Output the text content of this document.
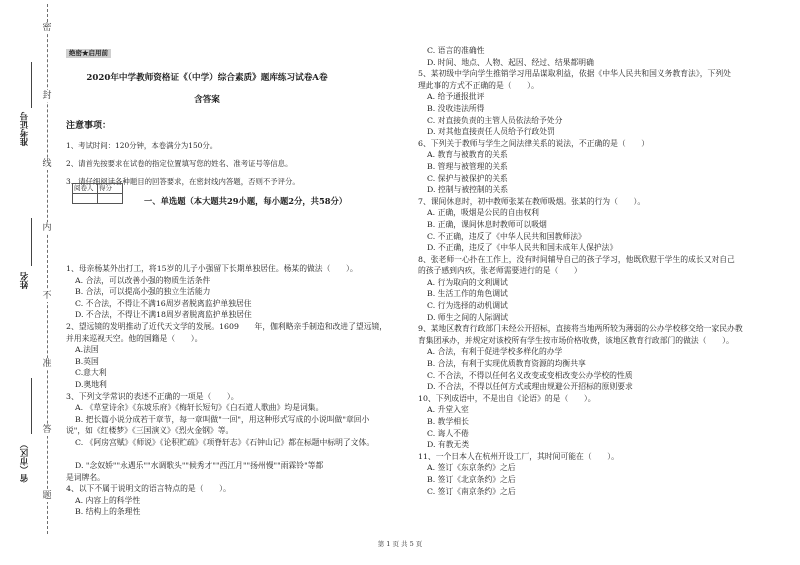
准考证号
姓名
省（市区）
密
封
线
内
不
准
答
题
绝密★启用前
2020年中学教师资格证《（中学）综合素质》题库练习试卷A卷
含答案
注意事项：
1、考试时间：120分钟，本卷满分为150分。
2、请首先按要求在试卷的指定位置填写您的姓名、准考证号等信息。
3、请仔细阅读各种题目的回答要求，在密封线内答题，否则不予评分。
阅卷人	得分

一、单选题（本大题共29小题，每小题2分，共58分）
1、母亲杨某外出打工，将15岁的儿子小强留下长期单独居住。杨某的做法（　　）。
A. 合法，可以改善小强的物质生活条件
B. 合法，可以提高小强的独立生活能力
C. 不合法，不得让不满16周岁者脱离监护单独居住
D. 不合法，不得让不满18周岁者脱离监护单独居住
2、望远镜的发明推动了近代天文学的发展。1609　　年，伽利略亲手制造和改进了望远镜，
并用来巡视天空。他的国籍是（　　）。
A.法国
B.英国
C.意大利
D.奥地利
3、下列文学常识的表述不正确的一项是（　　）。
A. 《草堂诗余》《东坡乐府》《梅轩长短句》《白石道人歌曲》均是词集。
B. 把长篇小说分成若干章节，每一章叫做"一回"，用这种形式写成的小说叫做"章回小
说"，如《红楼梦》《三国演义》《烈火金钢》等。
C. 《阿房宫赋》《师说》《论积贮疏》《项脊轩志》《石钟山记》都在标题中标明了文体。
D. "念奴娇""永遇乐""水调歌头""候秀才""西江月""扬州慢""雨霖铃"等都
是词牌名。
4、以下不属于说明文的语言特点的是（　　）。
A. 内容上的科学性
B. 结构上的条理性
C. 语言的准确性
D. 时间、地点、人物、起因、经过、结果都明确
5、某初级中学向学生推销学习用品谋取利益，依据《中华人民共和国义务教育法》，下列处
理此事的方式不正确的是（　　）。
A. 给予通报批评
B. 没收违法所得
C. 对直接负责的主管人员依法给予处分
D. 对其他直接责任人员给予行政处罚
6、下列关于教师与学生之间法律关系的说法，不正确的是（　　）
A. 教育与被教育的关系
B. 管理与被管理的关系
C. 保护与被保护的关系
D. 控制与被控制的关系
7、课间休息时，初中教师张某在教师吸烟。张某的行为（　　）。
A. 正确，吸烟是公民的自由权利
B. 正确，课间休息时教师可以吸烟
C. 不正确，违反了《中华人民共和国教师法》
D. 不正确，违反了《中华人民共和国未成年人保护法》
8、张老师一心扑在工作上，没有时间辅导自己的孩子学习，他既欣慰于学生的成长又对自己
的孩子感到内疚，张老师需要进行的是（　　）
A. 行为取向的文利调试
B. 生活工作的角色调试
C. 行为选择的动机调试
D. 师生之间的人际调试
9、某地区教育行政部门未经公开招标，直接将当地两所较为薄弱的公办学校移交给一家民办教
育集团承办，并规定对该校所有学生按市场价格收费，该地区教育行政部门的做法（　　）。
A. 合法，有利于促进学校多样化的办学
B. 合法，有利于实现优质教育资源的均衡共享
C. 不合法，不得以任何名义改变或变相改变公办学校的性质
D. 不合法，不得以任何方式或理由规避公开招标的原则要求
10、下列成语中，不是出自《论语》的是（　　）。
A. 升堂入室
B. 教学相长
C. 诲人不倦
D. 有教无类
11、一个日本人在杭州开设工厂，其时间可能在（　　）。
A. 签订《东京条约》之后
B. 签订《北京条约》之后
C. 签订《南京条约》之后
第 1 页 共 5 页
